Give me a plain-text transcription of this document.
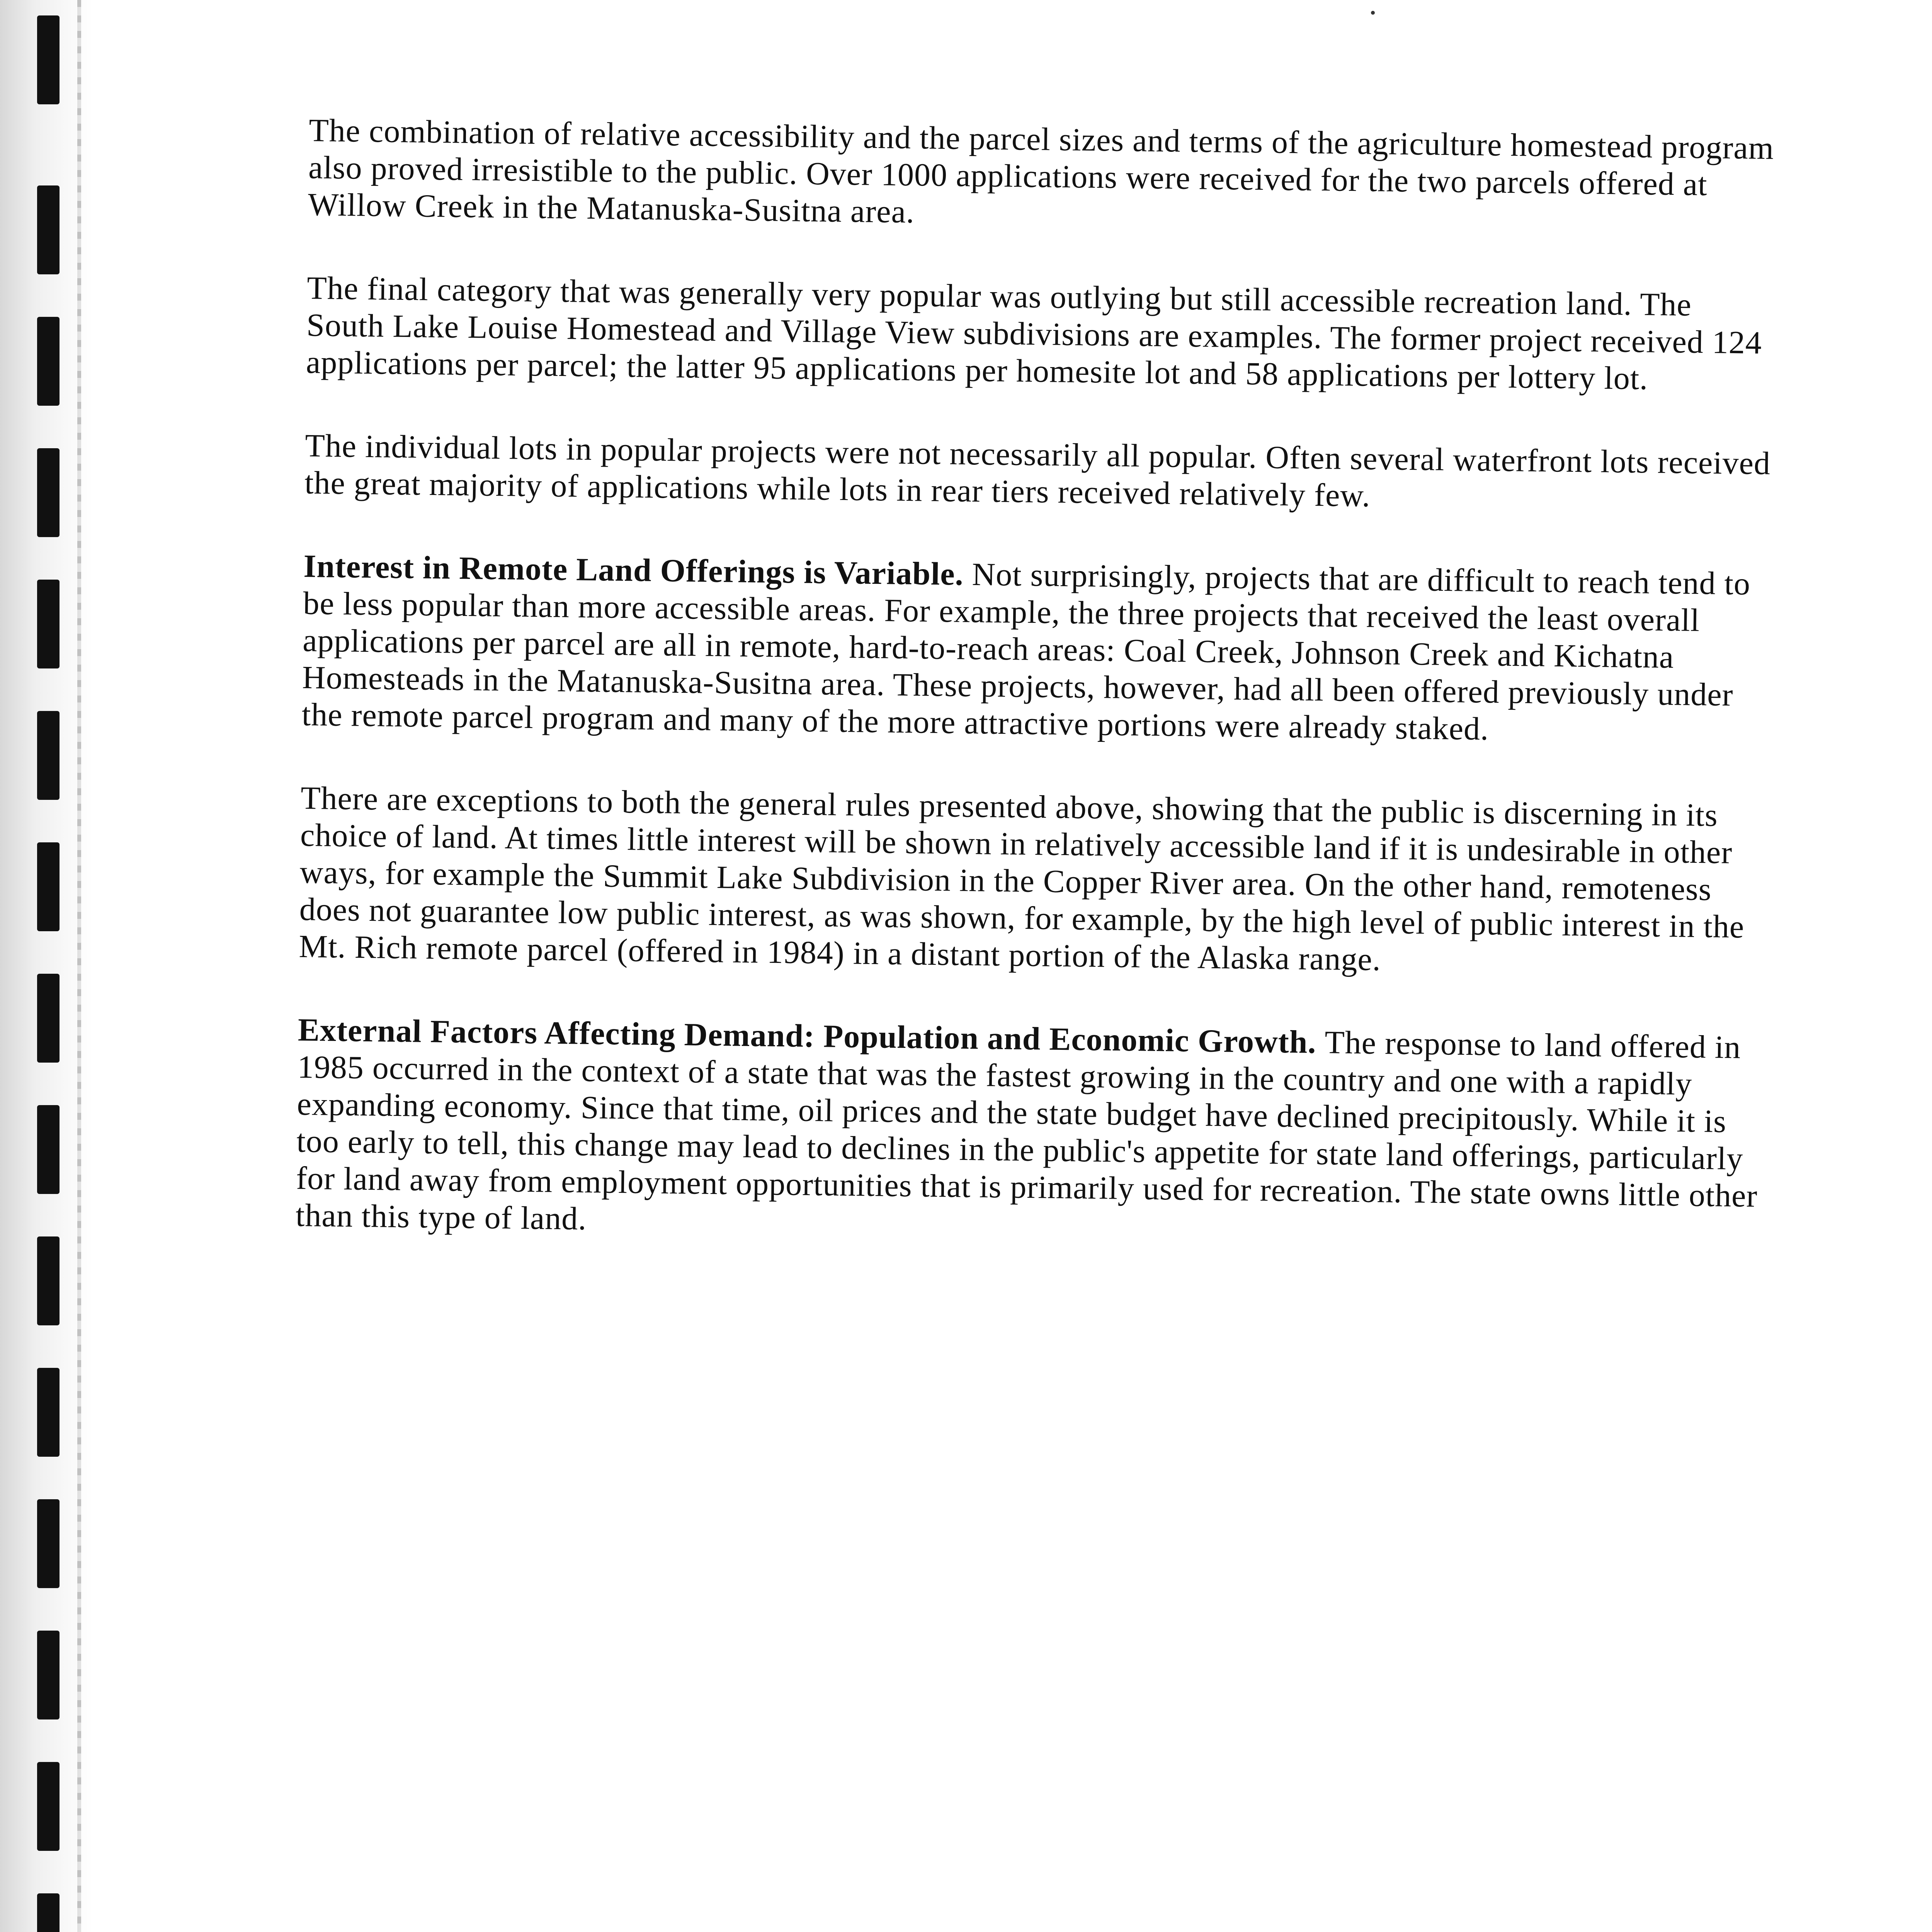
The combination of relative accessibility and the parcel sizes and terms of the agriculture homestead program also proved irresistible to the public. Over 1000 applications were received for the two parcels offered at Willow Creek in the Matanuska-Susitna area.

The final category that was generally very popular was outlying but still accessible recreation land. The South Lake Louise Homestead and Village View subdivisions are examples. The former project received 124 applications per parcel; the latter 95 applications per homesite lot and 58 applications per lottery lot.

The individual lots in popular projects were not necessarily all popular. Often several waterfront lots received the great majority of applications while lots in rear tiers received relatively few.

Interest in Remote Land Offerings is Variable. Not surprisingly, projects that are difficult to reach tend to be less popular than more accessible areas. For example, the three projects that received the least overall applications per parcel are all in remote, hard-to-reach areas: Coal Creek, Johnson Creek and Kichatna Homesteads in the Matanuska-Susitna area. These projects, however, had all been offered previously under the remote parcel program and many of the more attractive portions were already staked.

There are exceptions to both the general rules presented above, showing that the public is discerning in its choice of land. At times little interest will be shown in relatively accessible land if it is undesirable in other ways, for example the Summit Lake Subdivision in the Copper River area. On the other hand, remoteness does not guarantee low public interest, as was shown, for example, by the high level of public interest in the Mt. Rich remote parcel (offered in 1984) in a distant portion of the Alaska range.

External Factors Affecting Demand: Population and Economic Growth. The response to land offered in 1985 occurred in the context of a state that was the fastest growing in the country and one with a rapidly expanding economy. Since that time, oil prices and the state budget have declined precipitously. While it is too early to tell, this change may lead to declines in the public's appetite for state land offerings, particularly for land away from employment opportunities that is primarily used for recreation. The state owns little other than this type of land.
